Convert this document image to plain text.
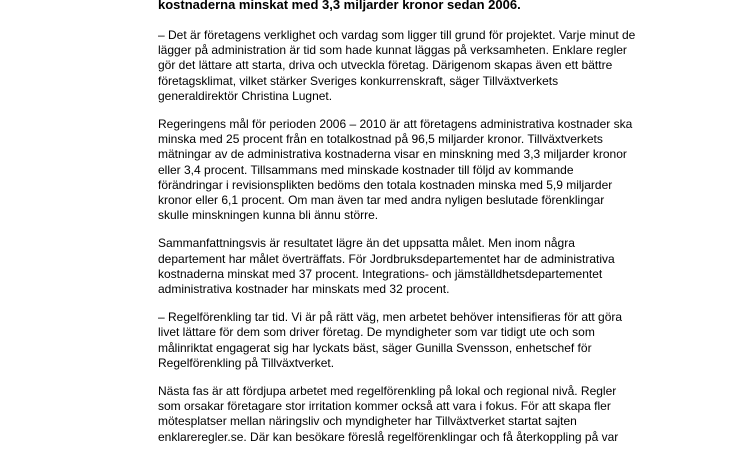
kostnaderna minskat med 3,3 miljarder kronor sedan 2006.
– Det är företagens verklighet och vardag som ligger till grund för projektet. Varje minut de
lägger på administration är tid som hade kunnat läggas på verksamheten. Enklare regler
gör det lättare att starta, driva och utveckla företag. Därigenom skapas även ett bättre
företagsklimat, vilket stärker Sveriges konkurrenskraft, säger Tillväxtverkets
generaldirektör Christina Lugnet.
Regeringens mål för perioden 2006 – 2010 är att företagens administrativa kostnader ska
minska med 25 procent från en totalkostnad på 96,5 miljarder kronor. Tillväxtverkets
mätningar av de administrativa kostnaderna visar en minskning med 3,3 miljarder kronor
eller 3,4 procent. Tillsammans med minskade kostnader till följd av kommande
förändringar i revisionsplikten bedöms den totala kostnaden minska med 5,9 miljarder
kronor eller 6,1 procent. Om man även tar med andra nyligen beslutade förenklingar
skulle minskningen kunna bli ännu större.
Sammanfattningsvis är resultatet lägre än det uppsatta målet. Men inom några
departement har målet överträffats. För Jordbruksdepartementet har de administrativa
kostnaderna minskat med 37 procent. Integrations- och jämställdhetsdepartementet
administrativa kostnader har minskats med 32 procent.
– Regelförenkling tar tid. Vi är på rätt väg, men arbetet behöver intensifieras för att göra
livet lättare för dem som driver företag. De myndigheter som var tidigt ute och som
målinriktat engagerat sig har lyckats bäst, säger Gunilla Svensson, enhetschef för
Regelförenkling på Tillväxtverket.
Nästa fas är att fördjupa arbetet med regelförenkling på lokal och regional nivå. Regler
som orsakar företagare stor irritation kommer också att vara i fokus. För att skapa fler
mötesplatser mellan näringsliv och myndigheter har Tillväxtverket startat sajten
enklareregler.se. Där kan besökare föreslå regelförenklingar och få återkoppling på var
